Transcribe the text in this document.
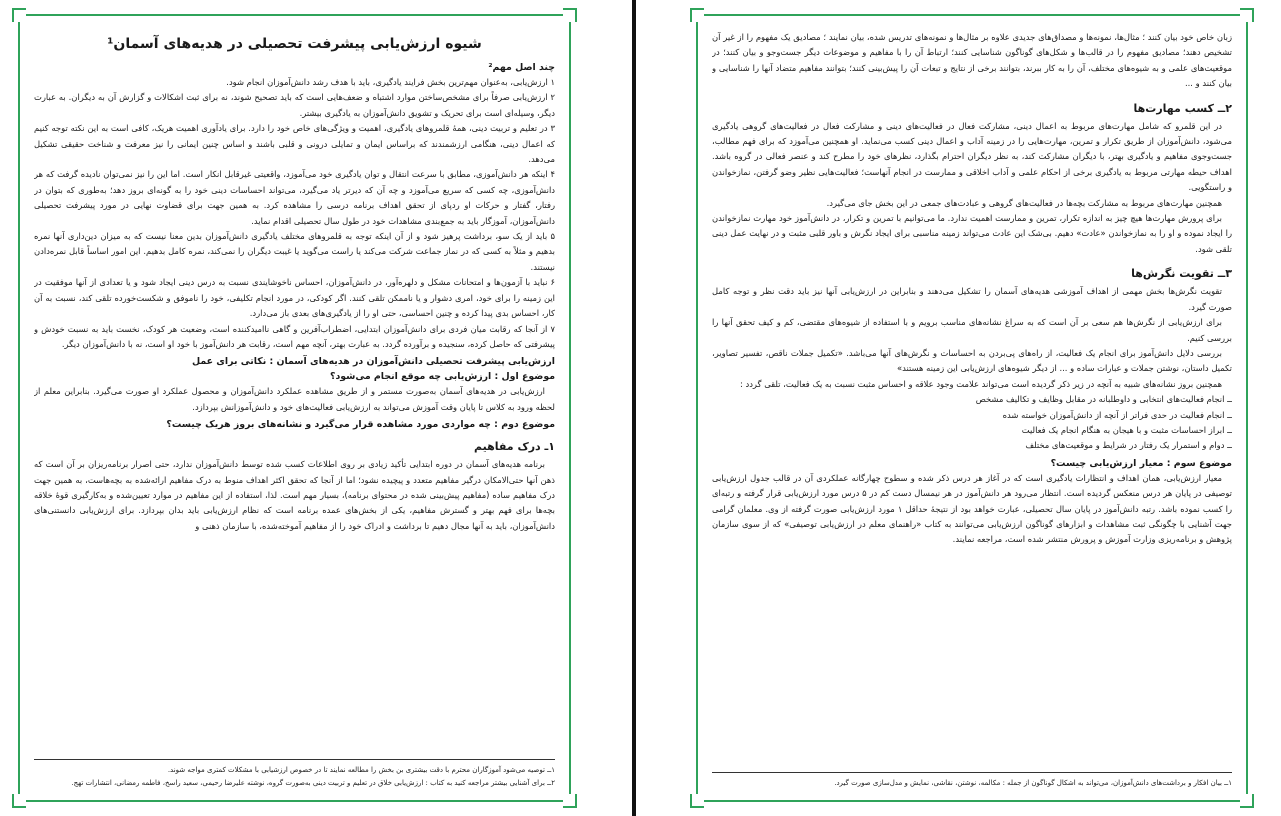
شیوه ارزش‌یابی پیشرفت تحصیلی در هدیه‌های آسمان¹
چند اصل مهم²

١ ارزش‌یابی، به‌عنوان مهم‌ترین بخش فرایند یادگیری، باید با هدف رشد دانش‌آموزان انجام شود.

٢ ارزش‌یابی صرفاً برای مشخص‌ساختن موارد اشتباه و ضعف‌هایی است که باید تصحیح شوند، نه برای ثبت اشکالات و گزارش آن به دیگران. به عبارت دیگر، وسیله‌ای است برای تحریک و تشویق دانش‌آموزان به یادگیری بیشتر.

٣ در تعلیم و تربیت دینی، همهٔ قلمروهای یادگیری، اهمیت و ویژگی‌های خاص خود را دارد. برای یادآوری اهمیت هریک، کافی است به این نکته توجه کنیم که اعمال دینی، هنگامی ارزشمندند که براساس ایمان و تمایلی درونی و قلبی باشند و اساس چنین ایمانی را نیز معرفت و شناخت حقیقی تشکیل می‌دهد.

۴ اینکه هر دانش‌آموزی، مطابق با سرعت انتقال و توان یادگیری خود می‌آموزد، واقعیتی غیرقابل انکار است. اما این را نیز نمی‌توان نادیده گرفت که هر دانش‌آموزی، چه کسی که سریع می‌آموزد و چه آن که دیرتر یاد می‌گیرد، می‌تواند احساسات دینی خود را به گونه‌ای بروز دهد؛ به‌طوری که بتوان در رفتار، گفتار و حرکات او ردپای از تحقق اهداف برنامه درسی را مشاهده کرد. به همین جهت برای قضاوت نهایی در مورد پیشرفت تحصیلی دانش‌آموزان، آموزگار باید به جمع‌بندی مشاهدات خود در طول سال تحصیلی اقدام نماید.

۵ باید از یک سو، برداشت پرهیز شود و از آن اینکه توجه به قلمروهای مختلف یادگیری دانش‌آموزان بدین معنا نیست که به میزان دین‌داری آنها نمره بدهیم و مثلاً به کسی که در نماز جماعت شرکت می‌کند یا راست می‌گوید یا غیبت دیگران را نمی‌کند، نمره کامل بدهیم. این امور اساساً قابل نمره‌دادن نیستند.

۶ نباید با آزمون‌ها و امتحانات مشکل و دلهره‌آور، در دانش‌آموزان، احساس ناخوشایندی نسبت به درس دینی ایجاد شود و یا تعدادی از آنها موفقیت در این زمینه را برای خود، امری دشوار و یا ناممکن تلقی کنند. اگر کودکی، در مورد انجام تکلیفی، خود را ناموفق و شکست‌خورده تلقی کند، نسبت به آن کار، احساس بدی پیدا کرده و چنین احساسی، حتی او را از یادگیری‌های بعدی باز می‌دارد.

٧ از آنجا که رقابت میان فردی برای دانش‌آموزان ابتدایی، اضطراب‌آفرین و گاهی ناامیدکننده است، وضعیت هر کودک، نخست باید به نسبت خودش و پیشرفتی که حاصل کرده، سنجیده و برآورده گردد. به عبارت بهتر، آنچه مهم است، رقابت هر دانش‌آموز با خود او است، نه با دانش‌آموزان دیگر.

ارزش‌یابی پیشرفت تحصیلی دانش‌آموزان در هدیه‌های آسمان : نکاتی برای عمل
موضوع اول : ارزش‌یابی چه موقع انجام می‌شود؟

ارزش‌یابی در هدیه‌های آسمان به‌صورت مستمر و از طریق مشاهده عملکرد دانش‌آموزان و محصول عملکرد او صورت می‌گیرد. بنابراین معلم از لحظه ورود به کلاس تا پایان وقت آموزش می‌تواند به ارزش‌یابی فعالیت‌های خود و دانش‌آموزانش بپردازد.

موضوع دوم : چه مواردی مورد مشاهده قرار می‌گیرد و نشانه‌های بروز هریک چیست؟
١ـ درک مفاهیم

برنامه هدیه‌های آسمان در دوره ابتدایی تأکید زیادی بر روی اطلاعات کسب شده توسط دانش‌آموزان ندارد، حتی اصرار برنامه‌ریزان بر آن است که ذهن آنها حتی‌الامکان درگیر مفاهیم متعدد و پیچیده نشود؛ اما از آنجا که تحقق اکثر اهداف منوط به درک مفاهیم ارائه‌شده به بچه‌هاست، به همین جهت درک مفاهیم ساده (مفاهیم پیش‌بینی شده در محتوای برنامه)، بسیار مهم است. لذا، استفاده از این مفاهیم در موارد تعیین‌شده و به‌کارگیری قوهٔ خلاقه بچه‌ها برای فهم بهتر و گسترش مفاهیم، یکی از بخش‌های عمده برنامه است که نظام ارزش‌یابی باید بدان بپردازد. برای ارزش‌یابی دانستنی‌های دانش‌آموزان، باید به آنها مجال دهیم تا برداشت و ادراک خود را از مفاهیم آموخته‌شده، با سازمان ذهنی و

١ــ توصیه می‌شود آموزگاران محترم با دقت بیشتری بن بخش را مطالعه نمایند تا در خصوص ارزشیابی با مشکلات کمتری مواجه شوند.

٢ــ برای آشنایی بیشتر مراجعه کنید به کتاب : ارزش‌یابی خلاق در تعلیم و تربیت دینی به‌صورت گروه، نوشته علیرضا رحیمی، سعید راسخ، فاطمه رمضانی، انتشارات تهج.

زبان خاص خود بیان کنند ؛ مثال‌ها، نمونه‌ها و مصداق‌های جدیدی علاوه بر مثال‌ها و نمونه‌های تدریس شده، بیان نمایند ؛ مصادیق یک مفهوم را از غیر آن تشخیص دهند؛ مصادیق مفهوم را در قالب‌ها و شکل‌های گوناگون شناسایی کنند؛ ارتباط آن را با مفاهیم و موضوعات دیگر جست‌وجو و بیان کنند؛ در موقعیت‌های علمی و به شیوه‌های مختلف، آن را به کار ببرند، بتوانند برخی از نتایج و تبعات آن را پیش‌بینی کنند؛ بتوانند مفاهیم متضاد آنها را شناسایی و بیان کنند و ...

٢ــ کسب مهارت‌ها

در این قلمرو که شامل مهارت‌های مربوط به اعمال دینی، مشارکت فعال در فعالیت‌های دینی و مشارکت فعال در فعالیت‌های گروهی یادگیری می‌شود، دانش‌آموزان از طریق تکرار و تمرین، مهارت‌هایی را در زمینه آداب و اعمال دینی کسب می‌نماید. او همچنین می‌آموزد که برای فهم مطالب، جست‌وجوی مفاهیم و یادگیری بهتر، با دیگران مشارکت کند، به نظر دیگران احترام بگذارد، نظرهای خود را مطرح کند و عنصر فعالی در گروه باشد. اهداف حیطه مهارتی مربوط به یادگیری برخی از احکام علمی و آداب اخلاقی و ممارست در انجام آنهاست؛ فعالیت‌هایی نظیر وضو گرفتن، نمازخواندن و راستگویی.

همچنین مهارت‌های مربوط به مشارکت بچه‌ها در فعالیت‌های گروهی و عبادت‌های جمعی در این بخش جای می‌گیرد.

برای پرورش مهارت‌ها هیچ چیز به اندازه تکرار، تمرین و ممارست اهمیت ندارد. ما می‌توانیم با تمرین و تکرار، در دانش‌آموز خود مهارت نمازخواندن را ایجاد نموده و او را به نمازخواندن «عادت» دهیم. بی‌شک این عادت می‌تواند زمینه مناسبی برای ایجاد نگرش و باور قلبی مثبت و در نهایت عمل دینی تلقی شود.

٣ــ تقویت نگرش‌ها

تقویت نگرش‌ها بخش مهمی از اهداف آموزشی هدیه‌های آسمان را تشکیل می‌دهند و بنابراین در ارزش‌یابی آنها نیز باید دقت نظر و توجه کامل صورت گیرد.

برای ارزش‌یابی از نگرش‌ها هم سعی بر آن است که به سراغ نشانه‌های مناسب برویم و با استفاده از شیوه‌های مقتضی، کم و کیف تحقق آنها را بررسی کنیم.

بررسی دلایل دانش‌آموز برای انجام یک فعالیت، از راه‌های پی‌بردن به احساسات و نگرش‌های آنها می‌باشد. «تکمیل جملات ناقص، تفسیر تصاویر، تکمیل داستان، نوشتن جملات و عبارات ساده و ... از دیگر شیوه‌های ارزش‌یابی این زمینه هستند»

همچنین بروز نشانه‌های شبیه به آنچه در زیر ذکر گردیده است می‌تواند علامت وجود علاقه و احساس مثبت نسبت به یک فعالیت، تلقی گردد :

ــ انجام فعالیت‌های انتخابی و داوطلبانه در مقابل وظایف و تکالیف مشخص

ــ انجام فعالیت در حدی فراتر از آنچه از دانش‌آموزان خواسته شده

ــ ابراز احساسات مثبت و با هیجان به هنگام انجام یک فعالیت

ــ دوام و استمرار یک رفتار در شرایط و موقعیت‌های مختلف

موضوع سوم : معیار ارزش‌یابی چیست؟

معیار ارزش‌یابی، همان اهداف و انتظارات یادگیری است که در آغاز هر درس ذکر شده و سطوح چهارگانه عملکردی آن در قالب جدول ارزش‌یابی توصیفی در پایان هر درس منعکس گردیده است. انتظار می‌رود هر دانش‌آموز در هر نیمسال دست کم در ۵ درس مورد ارزش‌یابی قرار گرفته و رتبه‌ای را کسب نموده باشد. رتبه دانش‌آموز در پایان سال تحصیلی، عبارت خواهد بود از نتیجهٔ حداقل ١ مورد ارزش‌یابی صورت گرفته از وی. معلمان گرامی جهت آشنایی با چگونگی ثبت مشاهدات و ابزارهای گوناگون ارزش‌یابی می‌توانند به کتاب «راهنمای معلم در ارزش‌یابی توصیفی» که از سوی سازمان پژوهش و برنامه‌ریزی وزارت آموزش و پرورش منتشر شده است، مراجعه نمایند.

١ــ بیان افکار و برداشت‌های دانش‌آموزان، می‌تواند به اشکال گوناگون از جمله : مکالمه، نوشتن، نقاشی، نمایش و مدل‌سازی صورت گیرد.
